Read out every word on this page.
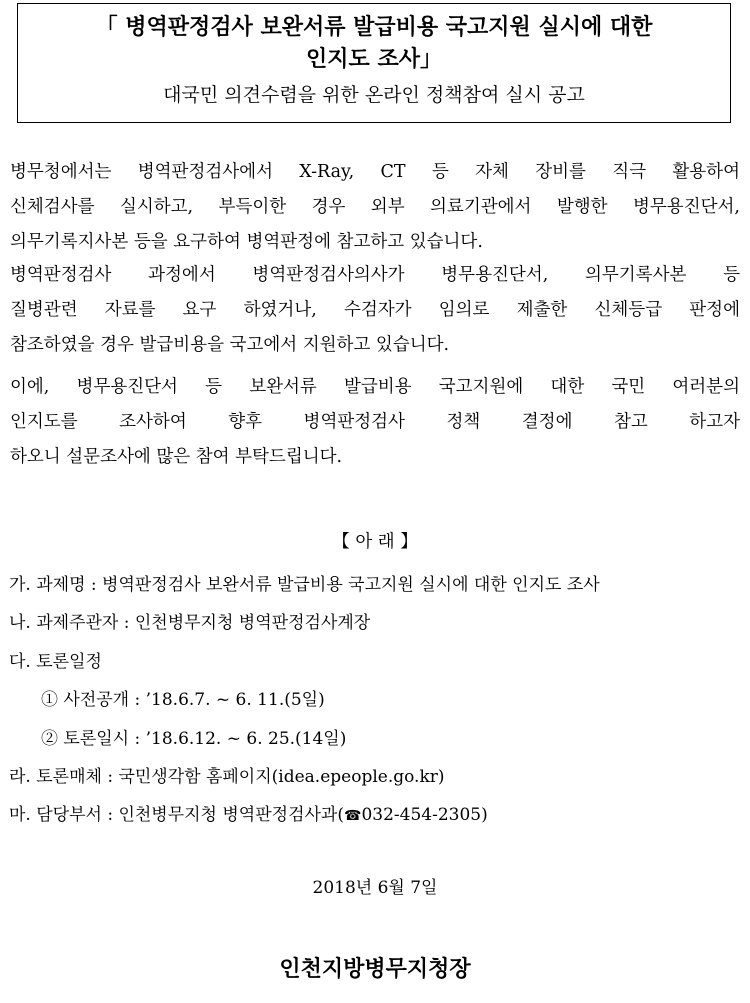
「 병역판정검사 보완서류 발급비용 국고지원 실시에 대한
인지도 조사」
대국민 의견수렴을 위한 온라인 정책참여 실시 공고
병무청에서는 병역판정검사에서 X-Ray, CT 등 자체 장비를 직극 활용하여
신체검사를 실시하고, 부득이한 경우 외부 의료기관에서 발행한 병무용진단서,
의무기록지사본 등을 요구하여 병역판정에 참고하고 있습니다.
병역판정검사 과정에서 병역판정검사의사가 병무용진단서, 의무기록사본 등
질병관련 자료를 요구 하였거나, 수검자가 임의로 제출한 신체등급 판정에
참조하였을 경우 발급비용을 국고에서 지원하고 있습니다.
이에, 병무용진단서 등 보완서류 발급비용 국고지원에 대한 국민 여러분의
인지도를 조사하여 향후 병역판정검사 정책 결정에 참고 하고자
하오니 설문조사에 많은 참여 부탁드립니다.
【 아 래 】
가. 과제명 : 병역판정검사 보완서류 발급비용 국고지원 실시에 대한 인지도 조사
나. 과제주관자 : 인천병무지청 병역판정검사계장
다. 토론일정
① 사전공개 : ’18.6.7. ~ 6. 11.(5일)
② 토론일시 : ’18.6.12. ~ 6. 25.(14일)
라. 토론매체 : 국민생각함 홈페이지(idea.epeople.go.kr)
마. 담당부서 : 인천병무지청 병역판정검사과(☎032-454-2305)
2018년 6월 7일
인천지방병무지청장
